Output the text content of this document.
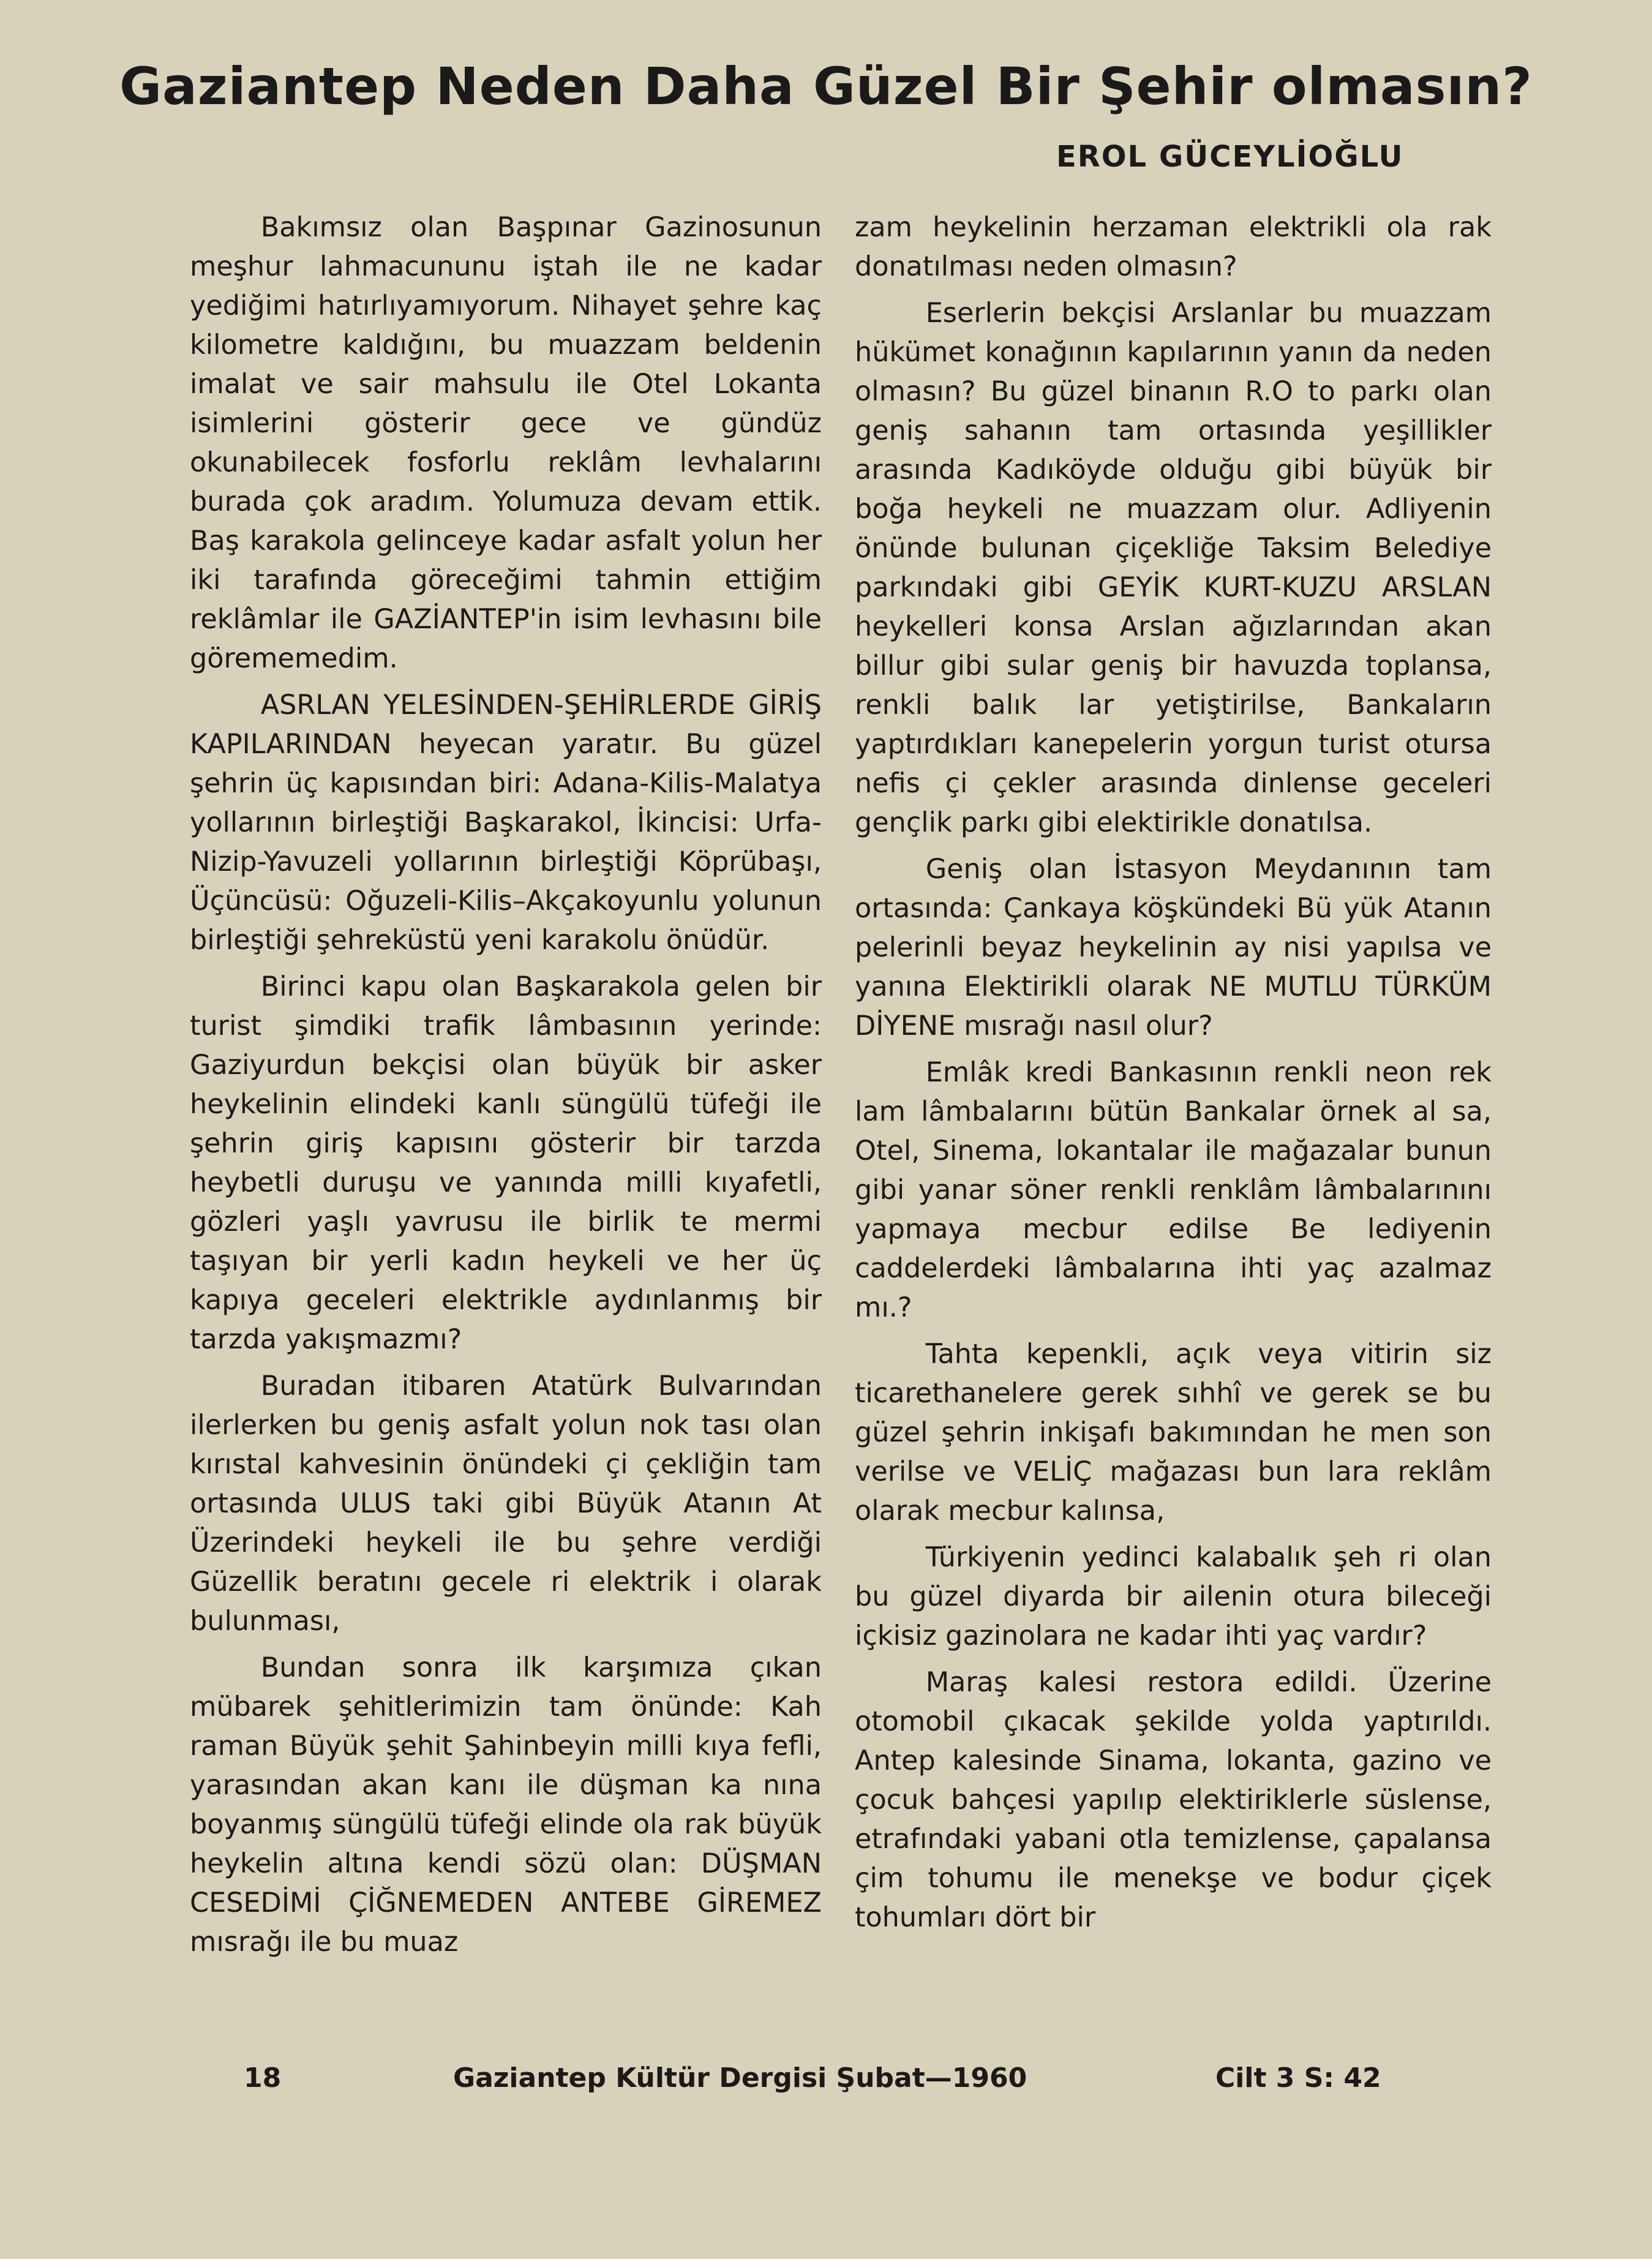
Gaziantep Neden Daha Güzel Bir Şehir olmasın?
EROL GÜCEYLİOĞLU

Bakımsız olan Başpınar Gazinosunun meşhur lahmacununu iştah ile ne kadar yediğimi hatırlıyamıyorum. Nihayet şehre kaç kilometre kaldığını, bu muazzam beldenin imalat ve sair mahsulu ile Otel Lokanta isimlerini gösterir gece ve gündüz okunabilecek fosforlu reklâm levhalarını burada çok aradım. Yolumuza devam ettik. Baş karakola gelinceye kadar asfalt yolun her iki tarafında göreceğimi tahmin ettiğim reklâmlar ile GAZİANTEP'in isim levhasını bile görememedim.

ASRLAN YELESİNDEN-ŞEHİRLERDE GİRİŞ KAPILARINDAN heyecan yaratır. Bu güzel şehrin üç kapısından biri: Adana-Kilis-Malatya yollarının birleştiği Başkarakol, İkincisi: Urfa-Nizip-Yavuzeli yollarının birleştiği Köprübaşı, Üçüncüsü: Oğuzeli-Kilis–Akçakoyunlu yolunun birleştiği şehreküstü yeni karakolu önüdür.

Birinci kapu olan Başkarakola gelen bir turist şimdiki trafik lâmbasının yerinde: Gaziyurdun bekçisi olan büyük bir asker heykelinin elindeki kanlı süngülü tüfeği ile şehrin giriş kapısını gösterir bir tarzda heybetli duruşu ve yanında milli kıyafetli, gözleri yaşlı yavrusu ile birlik te mermi taşıyan bir yerli kadın heykeli ve her üç kapıya geceleri elektrikle aydınlanmış bir tarzda yakışmazmı?

Buradan itibaren Atatürk Bulvarından ilerlerken bu geniş asfalt yolun nok tası olan kırıstal kahvesinin önündeki çi çekliğin tam ortasında ULUS taki gibi Büyük Atanın At Üzerindeki heykeli ile bu şehre verdiği Güzellik beratını gecele ri elektrik i olarak bulunması,

Bundan sonra ilk karşımıza çıkan mübarek şehitlerimizin tam önünde: Kah raman Büyük şehit Şahinbeyin milli kıya fefli, yarasından akan kanı ile düşman ka nına boyanmış süngülü tüfeği elinde ola rak büyük heykelin altına kendi sözü olan: DÜŞMAN CESEDİMİ ÇİĞNEMEDEN ANTEBE GİREMEZ mısrağı ile bu muaz

zam heykelinin herzaman elektrikli ola rak donatılması neden olmasın?

Eserlerin bekçisi Arslanlar bu muazzam hükümet konağının kapılarının yanın da neden olmasın? Bu güzel binanın R.O to parkı olan geniş sahanın tam ortasında yeşillikler arasında Kadıköyde olduğu gibi büyük bir boğa heykeli ne muazzam olur. Adliyenin önünde bulunan çiçekliğe Taksim Belediye parkındaki gibi GEYİK KURT-KUZU ARSLAN heykelleri konsa Arslan ağızlarından akan billur gibi sular geniş bir havuzda toplansa, renkli balık lar yetiştirilse, Bankaların yaptırdıkları kanepelerin yorgun turist otursa nefis çi çekler arasında dinlense geceleri gençlik parkı gibi elektirikle donatılsa.

Geniş olan İstasyon Meydanının tam ortasında: Çankaya köşkündeki Bü yük Atanın pelerinli beyaz heykelinin ay nisi yapılsa ve yanına Elektirikli olarak NE MUTLU TÜRKÜM DİYENE mısrağı nasıl olur?

Emlâk kredi Bankasının renkli neon rek lam lâmbalarını bütün Bankalar örnek al sa, Otel, Sinema, lokantalar ile mağazalar bunun gibi yanar söner renkli renklâm lâmbalarınını yapmaya mecbur edilse Be lediyenin caddelerdeki lâmbalarına ihti yaç azalmaz mı.?

Tahta kepenkli, açık veya vitirin siz ticarethanelere gerek sıhhî ve gerek se bu güzel şehrin inkişafı bakımından he men son verilse ve VELİÇ mağazası bun lara reklâm olarak mecbur kalınsa,

Türkiyenin yedinci kalabalık şeh ri olan bu güzel diyarda bir ailenin otura bileceği içkisiz gazinolara ne kadar ihti yaç vardır?

Maraş kalesi restora edildi. Üzerine otomobil çıkacak şekilde yolda yaptırıldı. Antep kalesinde Sinama, lokanta, gazino ve çocuk bahçesi yapılıp elektiriklerle süslense, etrafındaki yabani otla temizlense, çapalansa çim tohumu ile menekşe ve bodur çiçek tohumları dört bir

18	Gaziantep Kültür Dergisi Şubat—1960	Cilt 3 S: 42
